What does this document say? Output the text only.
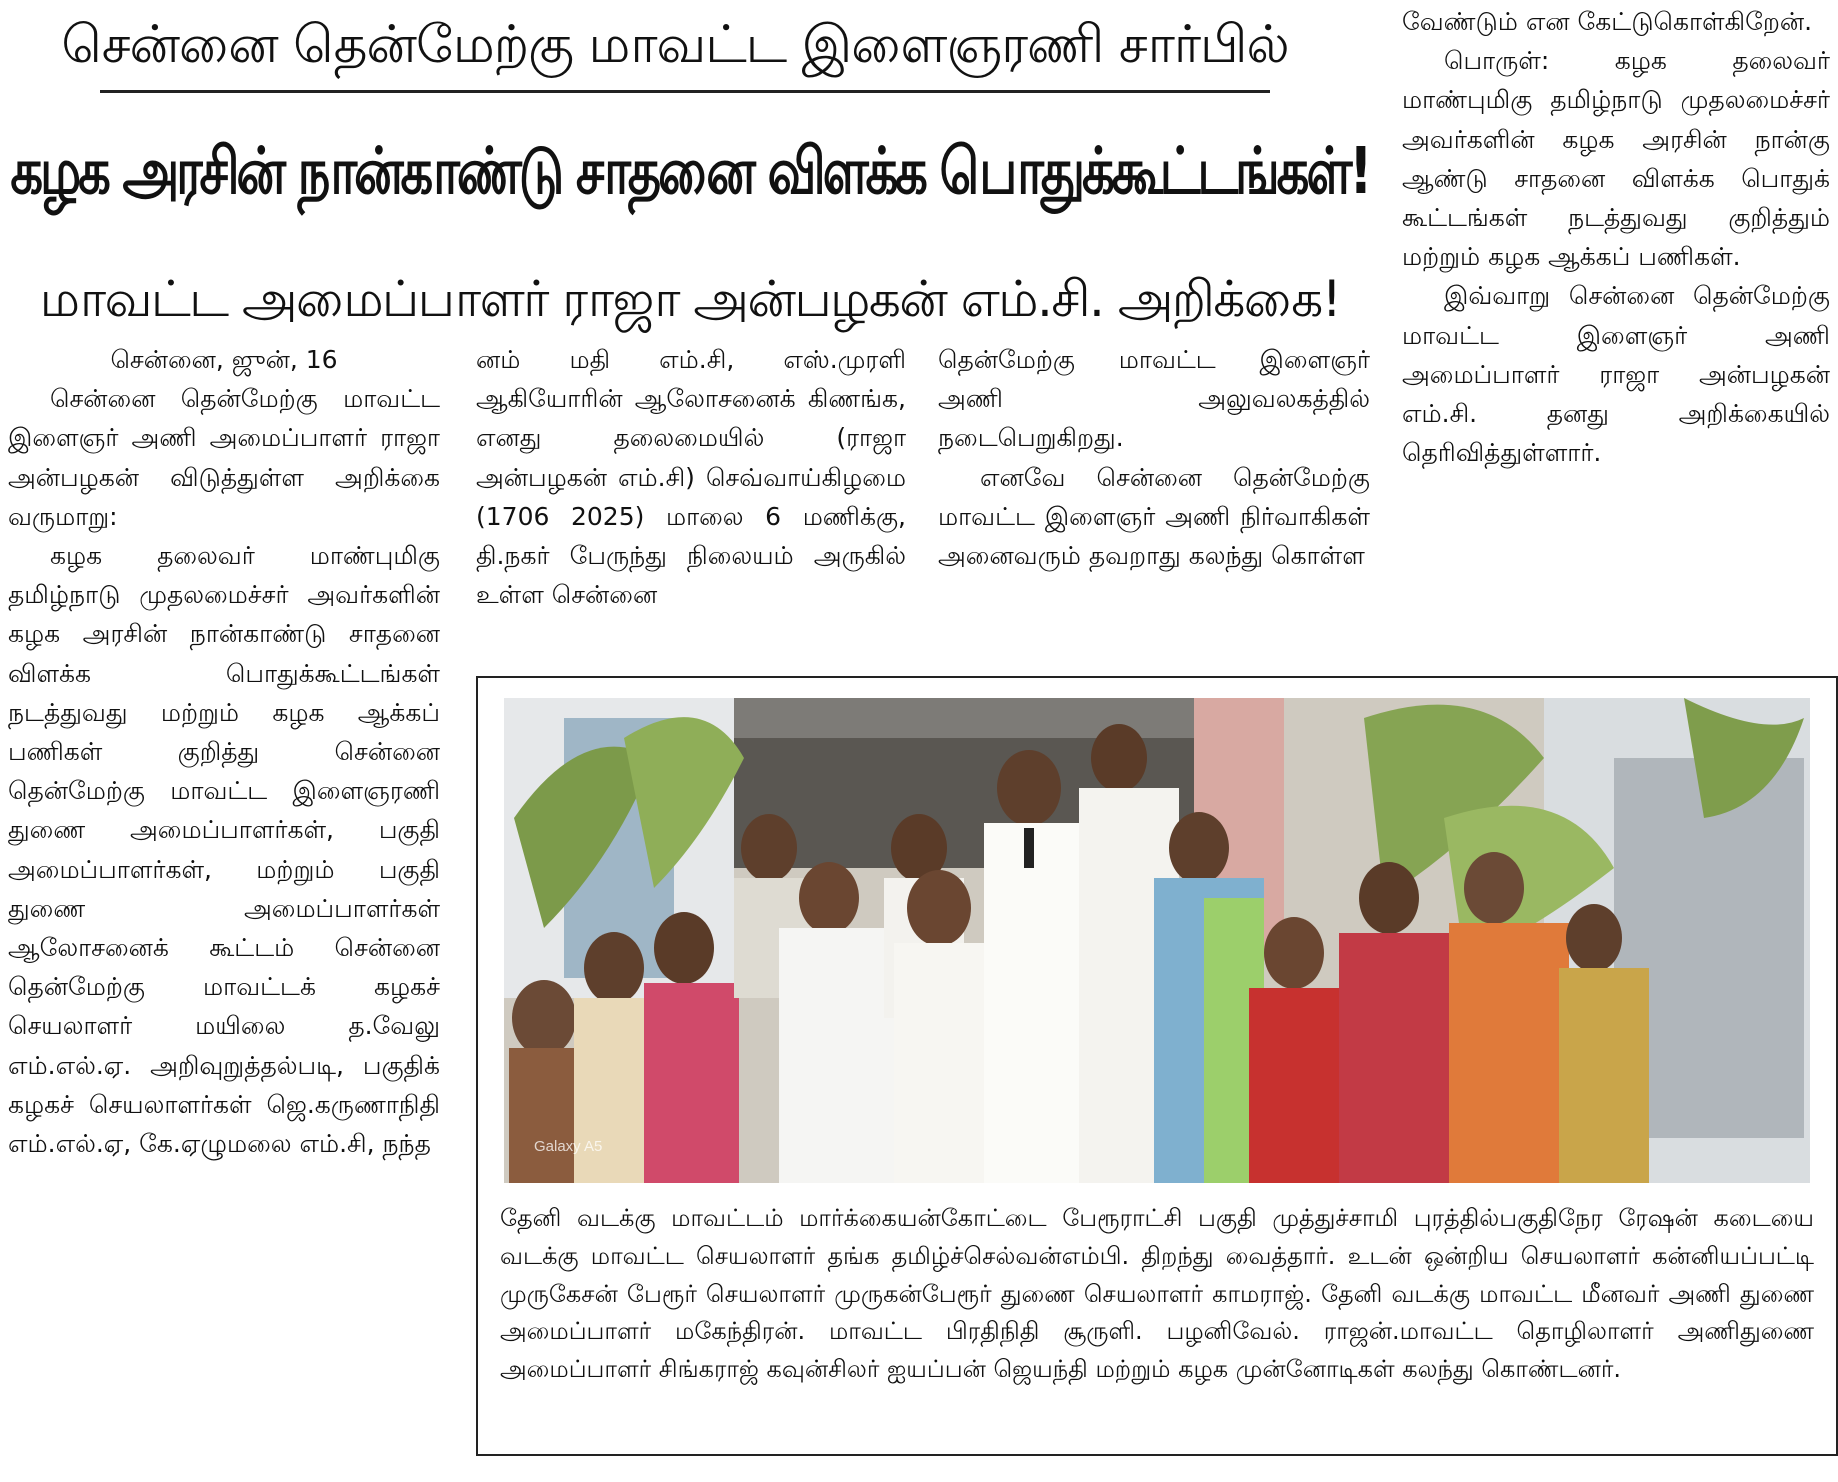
சென்னை தென்மேற்கு மாவட்ட இளைஞரணி சார்பில்
கழக அரசின் நான்காண்டு சாதனை விளக்க பொதுக்கூட்டங்கள்!
மாவட்ட அமைப்பாளர் ராஜா அன்பழகன் எம்.சி. அறிக்கை!

சென்னை, ஜுன், 16

சென்னை தென்மேற்கு மாவட்ட இளைஞர் அணி அமைப்பாளர் ராஜா அன்பழகன் விடுத்துள்ள அறிக்கை வருமாறு:

கழக தலைவர் மாண்புமிகு தமிழ்நாடு முதலமைச்சர் அவர்களின் கழக அரசின் நான்காண்டு சாதனை விளக்க பொதுக்கூட்டங்கள் நடத்துவது மற்றும் கழக ஆக்கப் பணிகள் குறித்து சென்னை தென்மேற்கு மாவட்ட இளைஞரணி துணை அமைப்பாளர்கள், பகுதி அமைப்பாளர்கள், மற்றும் பகுதி துணை அமைப்பாளர்கள் ஆலோசனைக் கூட்டம் சென்னை தென்மேற்கு மாவட்டக் கழகச் செயலாளர் மயிலை த.வேலு எம்.எல்.ஏ. அறிவுறுத்தல்படி, பகுதிக் கழகச் செயலாளர்கள் ஜெ.கருணாநிதி எம்.எல்.ஏ, கே.ஏழுமலை எம்.சி, நந்த

னம் மதி எம்.சி, எஸ்.முரளி ஆகியோரின் ஆலோசனைக் கிணங்க, எனது தலைமையில் (ராஜா அன்பழகன் எம்.சி) செவ்வாய்கிழமை (1706 2025) மாலை 6 மணிக்கு, தி.நகர் பேருந்து நிலையம் அருகில் உள்ள சென்னை

தென்மேற்கு மாவட்ட இளைஞர் அணி அலுவலகத்தில் நடைபெறுகிறது.

எனவே சென்னை தென்மேற்கு மாவட்ட இளைஞர் அணி நிர்வாகிகள் அனைவரும் தவறாது கலந்து கொள்ள

வேண்டும் என கேட்டுகொள்கிறேன்.

பொருள்: கழக தலைவர் மாண்புமிகு தமிழ்நாடு முதலமைச்சர் அவர்களின் கழக அரசின் நான்கு ஆண்டு சாதனை விளக்க பொதுக் கூட்டங்கள் நடத்துவது குறித்தும் மற்றும் கழக ஆக்கப் பணிகள்.

இவ்வாறு சென்னை தென்மேற்கு மாவட்ட இளைஞர் அணி அமைப்பாளர் ராஜா அன்பழகன் எம்.சி. தனது அறிக்கையில் தெரிவித்துள்ளார்.

Galaxy A5
தேனி வடக்கு மாவட்டம் மார்க்கையன்கோட்டை பேரூராட்சி பகுதி முத்துச்சாமி புரத்தில்பகுதிநேர ரேஷன் கடையை வடக்கு மாவட்ட செயலாளர் தங்க தமிழ்ச்செல்வன்எம்பி. திறந்து வைத்தார். உடன் ஒன்றிய செயலாளர் கன்னியப்பட்டி முருகேசன் பேரூர் செயலாளர் முருகன்பேரூர் துணை செயலாளர் காமராஜ். தேனி வடக்கு மாவட்ட மீனவர் அணி துணை அமைப்பாளர் மகேந்திரன். மாவட்ட பிரதிநிதி சூருளி. பழனிவேல். ராஜன்.மாவட்ட தொழிலாளர் அணிதுணை அமைப்பாளர் சிங்கராஜ் கவுன்சிலர் ஐயப்பன் ஜெயந்தி மற்றும் கழக முன்னோடிகள் கலந்து கொண்டனர்.
